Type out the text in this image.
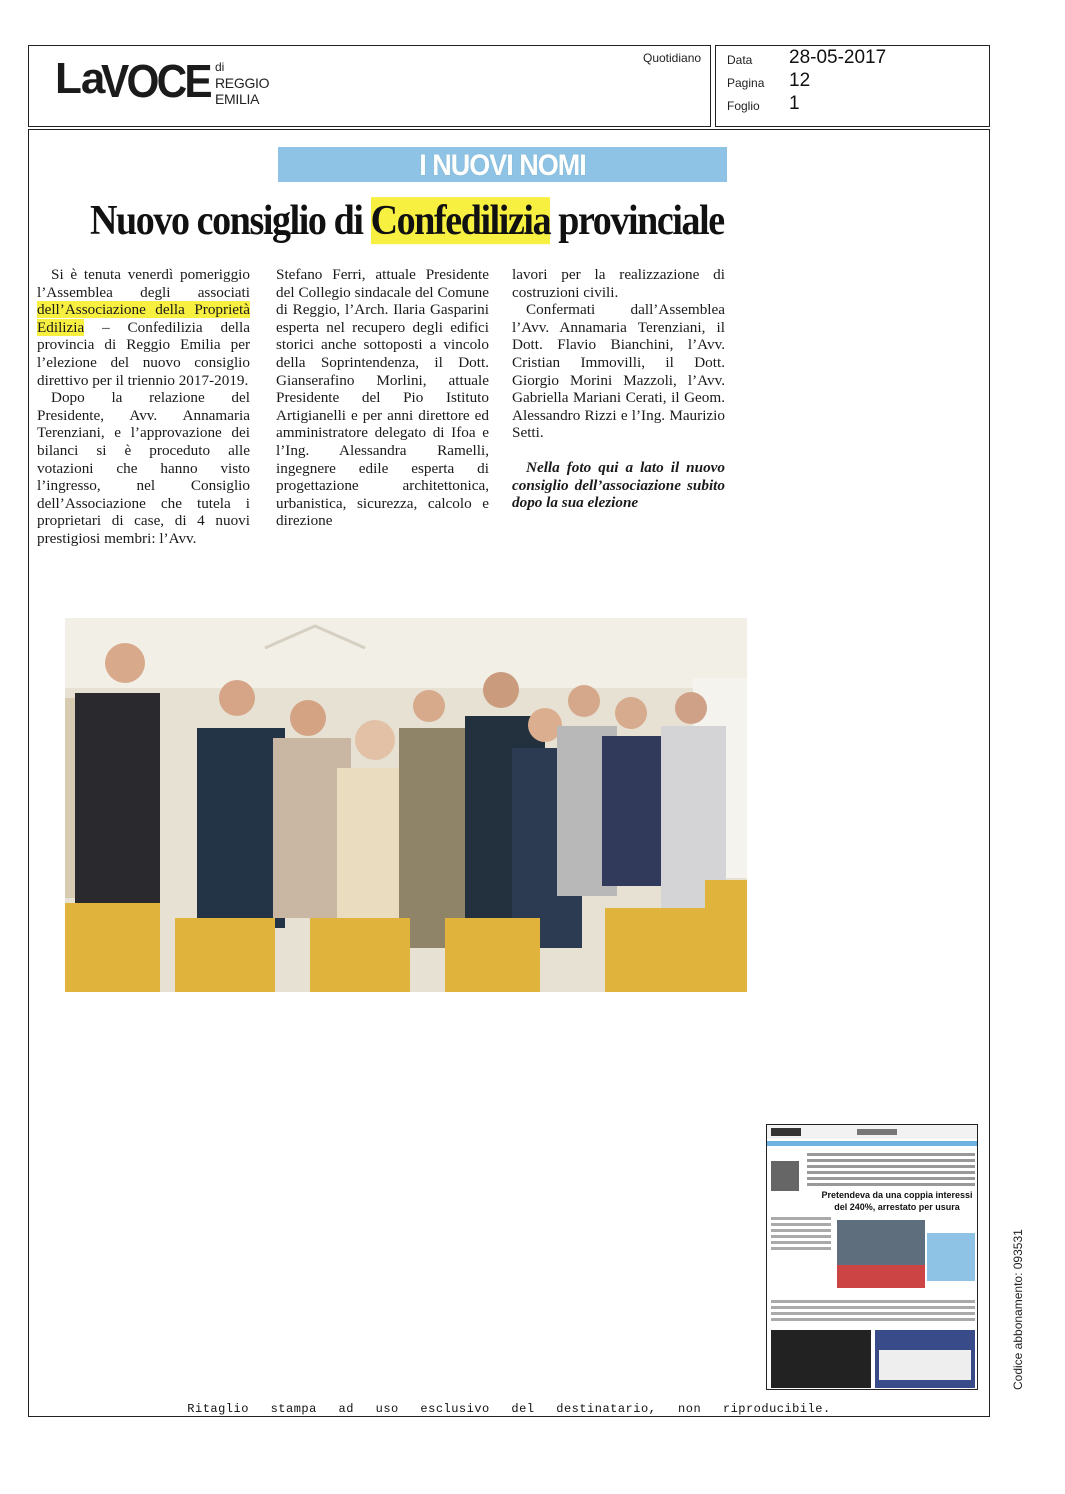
La
VOCE di
REGGIO
EMILIA
Quotidiano Data 28-05-2017
Pagina 12
Foglio 1
I NUOVI NOMI
Nuovo consiglio di Confedilizia provinciale

Si è tenuta venerdì pomeriggio l’Assemblea degli associati dell’Associazione della Proprietà Edilizia – Confedilizia della provincia di Reggio Emilia per l’elezione del nuovo consiglio direttivo per il triennio 2017-2019.

Dopo la relazione del Presidente, Avv. Annamaria Terenziani, e l’approvazione dei bilanci si è proceduto alle votazioni che hanno visto l’ingresso, nel Consiglio dell’Associazione che tutela i proprietari di case, di 4 nuovi prestigiosi membri: l’Avv.

Stefano Ferri, attuale Presidente del Collegio sindacale del Comune di Reggio, l’Arch. Ilaria Gasparini esperta nel recupero degli edifici storici anche sottoposti a vincolo della Soprintendenza, il Dott. Gianserafino Morlini, attuale Presidente del Pio Istituto Artigianelli e per anni direttore ed amministratore delegato di Ifoa e l’Ing. Alessandra Ramelli, ingegnere edile esperta di progettazione architettonica, urbanistica, sicurezza, calcolo e direzione

lavori per la realizzazione di costruzioni civili.

Confermati dall’Assemblea l’Avv. Annamaria Terenziani, il Dott. Flavio Bianchini, l’Avv. Cristian Immovilli, il Dott. Giorgio Morini Mazzoli, l’Avv. Gabriella Mariani Cerati, il Geom. Alessandro Rizzi e l’Ing. Maurizio Setti.

Nella foto qui a lato il nuovo consiglio dell’associazione subito dopo la sua elezione

Pretendeva da una coppia interessi
del 240%, arrestato per usura
Codice abbonamento: 093531
Ritaglio stampa ad uso esclusivo del destinatario, non riproducibile.
